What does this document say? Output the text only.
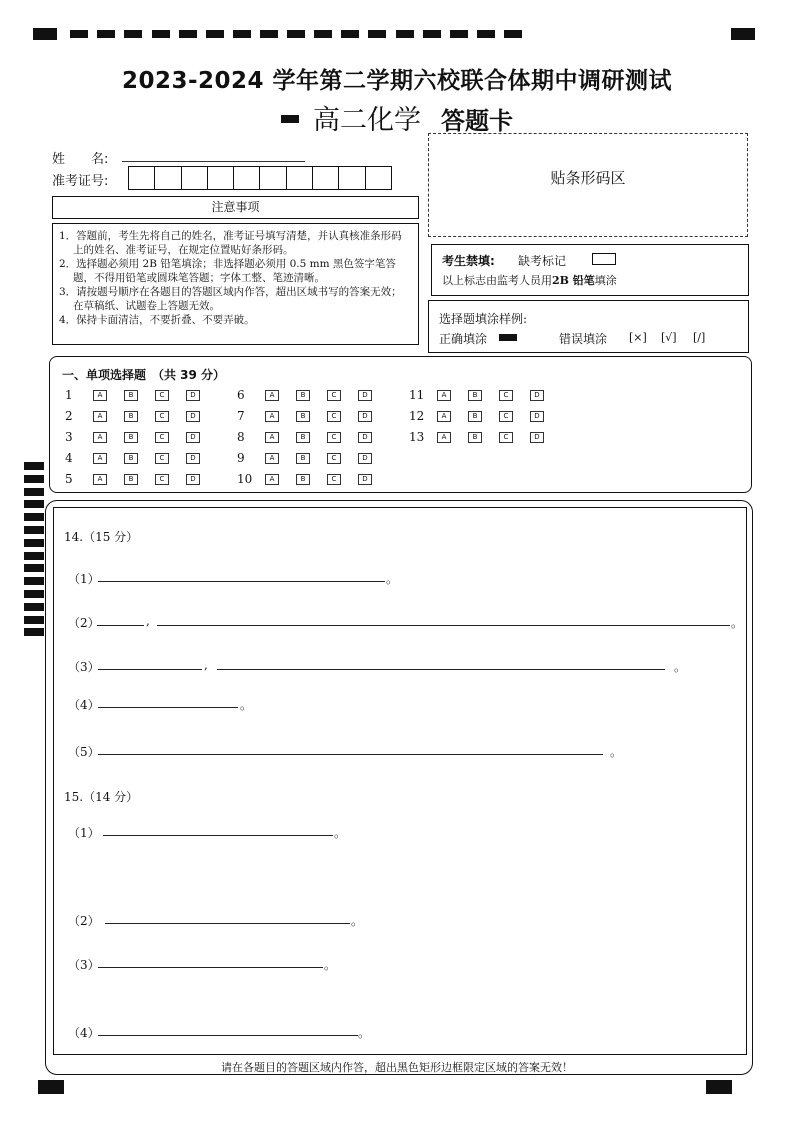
2023-2024 学年第二学期六校联合体期中调研测试
高二化学 答题卡
姓　　名:
准考证号:	贴条形码区
注意事项
1．答题前，考生先将自己的姓名，准考证号填写清楚，并认真核准条形码上的姓名、准考证号，在规定位置贴好条形码。
2．选择题必须用 2B 铅笔填涂；非选择题必须用 0.5 mm 黑色签字笔答题，不得用铅笔或圆珠笔答题；字体工整、笔迹清晰。
3．请按题号顺序在各题目的答题区域内作答，超出区域书写的答案无效；在草稿纸、试题卷上答题无效。
4．保持卡面清洁，不要折叠、不要弄破。
考生禁填: 缺考标记
以上标志由监考人员用2B 铅笔填涂
选择题填涂样例:
正确填涂	错误填涂 [×] [√] [/]
一、单项选择题　（共 39 分）
1	A	B	C	D
2	A	B	C	D
3	A	B	C	D
4	A	B	C	D
5	A	B	C	D
6	A	B	C	D
7	A	B	C	D
8	A	B	C	D
9	A	B	C	D
10	A	B	C	D
11	A	B	C	D
12	A	B	C	D
13	A	B	C	D
14.（15 分）
（1）	。
（2）	,	。
（3）	,	。
（4）	。
（5）	。
15.（14 分）
（1）	。
（2）	。
（3）	。
（4）	。
请在各题目的答题区域内作答，超出黑色矩形边框限定区域的答案无效！
